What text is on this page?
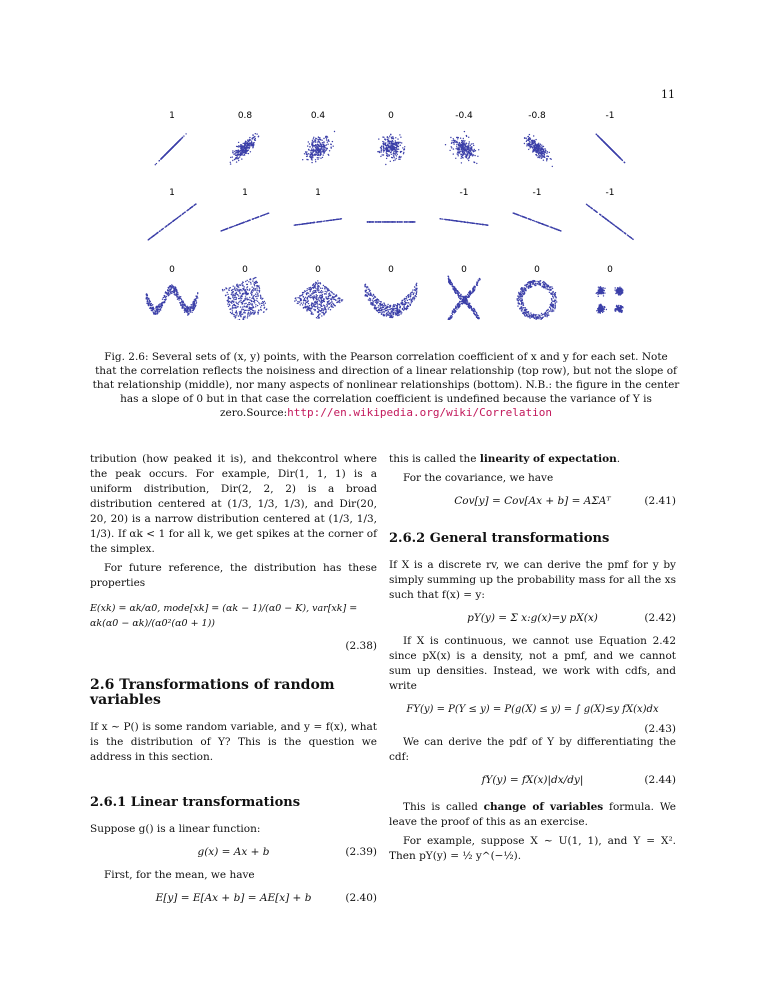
11
1	0.8	0.4	0	-0.4	-0.8	-1
1	1	1	-1	-1	-1
0	0	0	0	0	0	0
Fig. 2.6: Several sets of (x, y) points, with the Pearson correlation coefficient of x and y for each set. Note that the correlation reflects the noisiness and direction of a linear relationship (top row), but not the slope of that relationship (middle), nor many aspects of nonlinear relationships (bottom). N.B.: the figure in the center has a slope of 0 but in that case the correlation coefficient is undefined because the variance of Y is zero.Source:http://en.wikipedia.org/wiki/Correlation

tribution (how peaked it is), and thekcontrol where the peak occurs. For example, Dir(1, 1, 1) is a uniform distribution, Dir(2, 2, 2) is a broad distribution centered at (1/3, 1/3, 1/3), and Dir(20, 20, 20) is a narrow distribution centered at (1/3, 1/3, 1/3). If αk < 1 for all k, we get spikes at the corner of the simplex.

For future reference, the distribution has these properties

E(xk) = αk/α0, mode[xk] = (αk − 1)/(α0 − K), var[xk] = αk(α0 − αk)/(α0²(α0 + 1))
(2.38)
2.6 Transformations of random variables

If x ∼ P() is some random variable, and y = f(x), what is the distribution of Y? This is the question we address in this section.

2.6.1 Linear transformations

Suppose g() is a linear function:

g(x) = Ax + b	(2.39)

First, for the mean, we have

E[y] = E[Ax + b] = AE[x] + b	(2.40)

this is called the linearity of expectation.

For the covariance, we have

Cov[y] = Cov[Ax + b] = AΣAᵀ	(2.41)
2.6.2 General transformations

If X is a discrete rv, we can derive the pmf for y by simply summing up the probability mass for all the xs such that f(x) = y:

pY(y) = Σ x:g(x)=y pX(x)	(2.42)

If X is continuous, we cannot use Equation 2.42 since pX(x) is a density, not a pmf, and we cannot sum up densities. Instead, we work with cdfs, and write

FY(y) = P(Y ≤ y) = P(g(X) ≤ y) = ∫ g(X)≤y fX(x)dx
(2.43)

We can derive the pdf of Y by differentiating the cdf:

fY(y) = fX(x)|dx/dy|	(2.44)

This is called change of variables formula. We leave the proof of this as an exercise.

For example, suppose X ∼ U(1, 1), and Y = X². Then pY(y) = ½ y^(−½).
